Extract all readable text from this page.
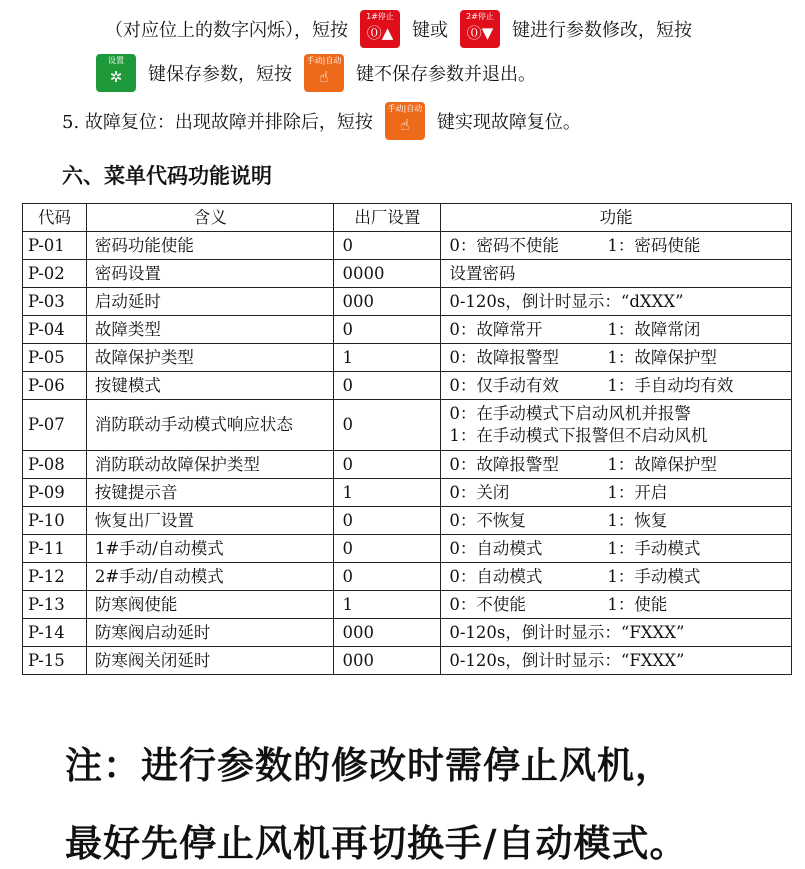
（对应位上的数字闪烁），短按
1#停止
⓪▲ 键或
2#停止
⓪▼ 键进行参数修改，短按
设置
✲ 键保存参数，短按
手动|自动
☝ 键不保存参数并退出。
5. 故障复位：出现故障并排除后，短按
手动|自动
☝ 键实现故障复位。
六、菜单代码功能说明
代码	含义	出厂设置	功能
P-01	密码功能使能	0	0：密码不使能 1：密码使能
P-02	密码设置	0000	设置密码
P-03	启动延时	000	0-120s，倒计时显示：“dXXX”
P-04	故障类型	0	0：故障常开 1：故障常闭
P-05	故障保护类型	1	0：故障报警型 1：故障保护型
P-06	按键模式	0	0：仅手动有效 1：手自动均有效
P-07	消防联动手动模式响应状态	0	0：在手动模式下启动风机并报警
1：在手动模式下报警但不启动风机

P-08	消防联动故障保护类型	0	0：故障报警型 1：故障保护型
P-09	按键提示音	1	0：关闭 1：开启
P-10	恢复出厂设置	0	0：不恢复 1：恢复
P-11	1#手动/自动模式	0	0：自动模式 1：手动模式
P-12	2#手动/自动模式	0	0：自动模式 1：手动模式
P-13	防寒阀使能	1	0：不使能 1：使能
P-14	防寒阀启动延时	000	0-120s，倒计时显示：“FXXX”
P-15	防寒阀关闭延时	000	0-120s，倒计时显示：“FXXX”
注：进行参数的修改时需停止风机，
最好先停止风机再切换手/自动模式。
